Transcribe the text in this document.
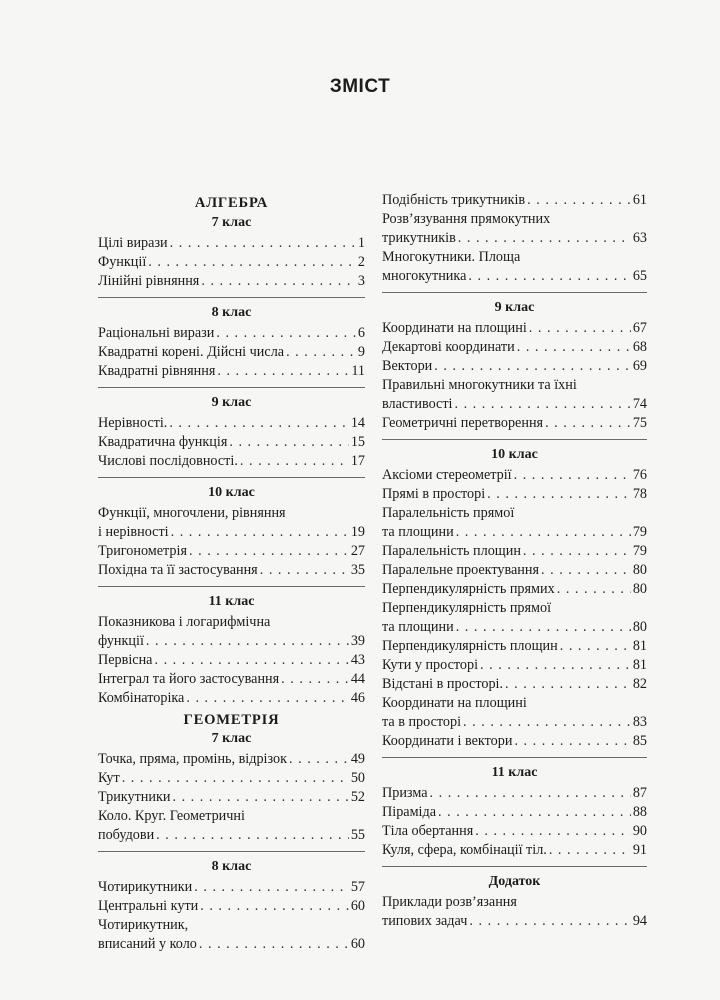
ЗМІСТ
АЛГЕБРА
7 клас
Цілі вирази . . .	1
Функції . . .	2
Лінійні рівняння . . .	3
8 клас
Раціональні вирази . . .	6
Квадратні корені. Дійсні числа . . .	9
Квадратні рівняння . . .	11
9 клас
Нерівності. . . .	14
Квадратична функція . . .	15
Числові послідовності. . . .	17
10 клас
Функції, многочлени, рівняння
і нерівності . . .	19
Тригонометрія . . .	27
Похідна та її застосування . . .	35
11 клас
Показникова і логарифмічна
функції . . .	39
Первісна . . .	43
Інтеграл та його застосування . . .	44
Комбінаторіка . . .	46
ГЕОМЕТРІЯ
7 клас
Точка, пряма, промінь, відрізок . . .	49
Кут . . .	50
Трикутники . . .	52
Коло. Круг. Геометричні
побудови . . .	55
8 клас
Чотирикутники . . .	57
Центральні кути . . .	60
Чотирикутник,
вписаний у коло . . .	60
Подібність трикутників . . .	61
Розв’язування прямокутних
трикутників . . .	63
Многокутники. Площа
многокутника . . .	65
9 клас
Координати на площині . . .	67
Декартові координати . . .	68
Вектори . . .	69
Правильні многокутники та їхні
властивості . . .	74
Геометричні перетворення . . .	75
10 клас
Аксіоми стереометрії . . .	76
Прямі в просторі . . .	78
Паралельність прямої
та площини . . .	79
Паралельність площин . . .	79
Паралельне проектування . . .	80
Перпендикулярність прямих . . .	80
Перпендикулярність прямої
та площини . . .	80
Перпендикулярність площин . . .	81
Кути у просторі . . .	81
Відстані в просторі. . . .	82
Координати на площині
та в просторі . . .	83
Координати і вектори . . .	85
11 клас
Призма . . .	87
Піраміда . . .	88
Тіла обертання . . .	90
Куля, сфера, комбінації тіл. . . .	91
Додаток
Приклади розв’язання
типових задач . . .	94
